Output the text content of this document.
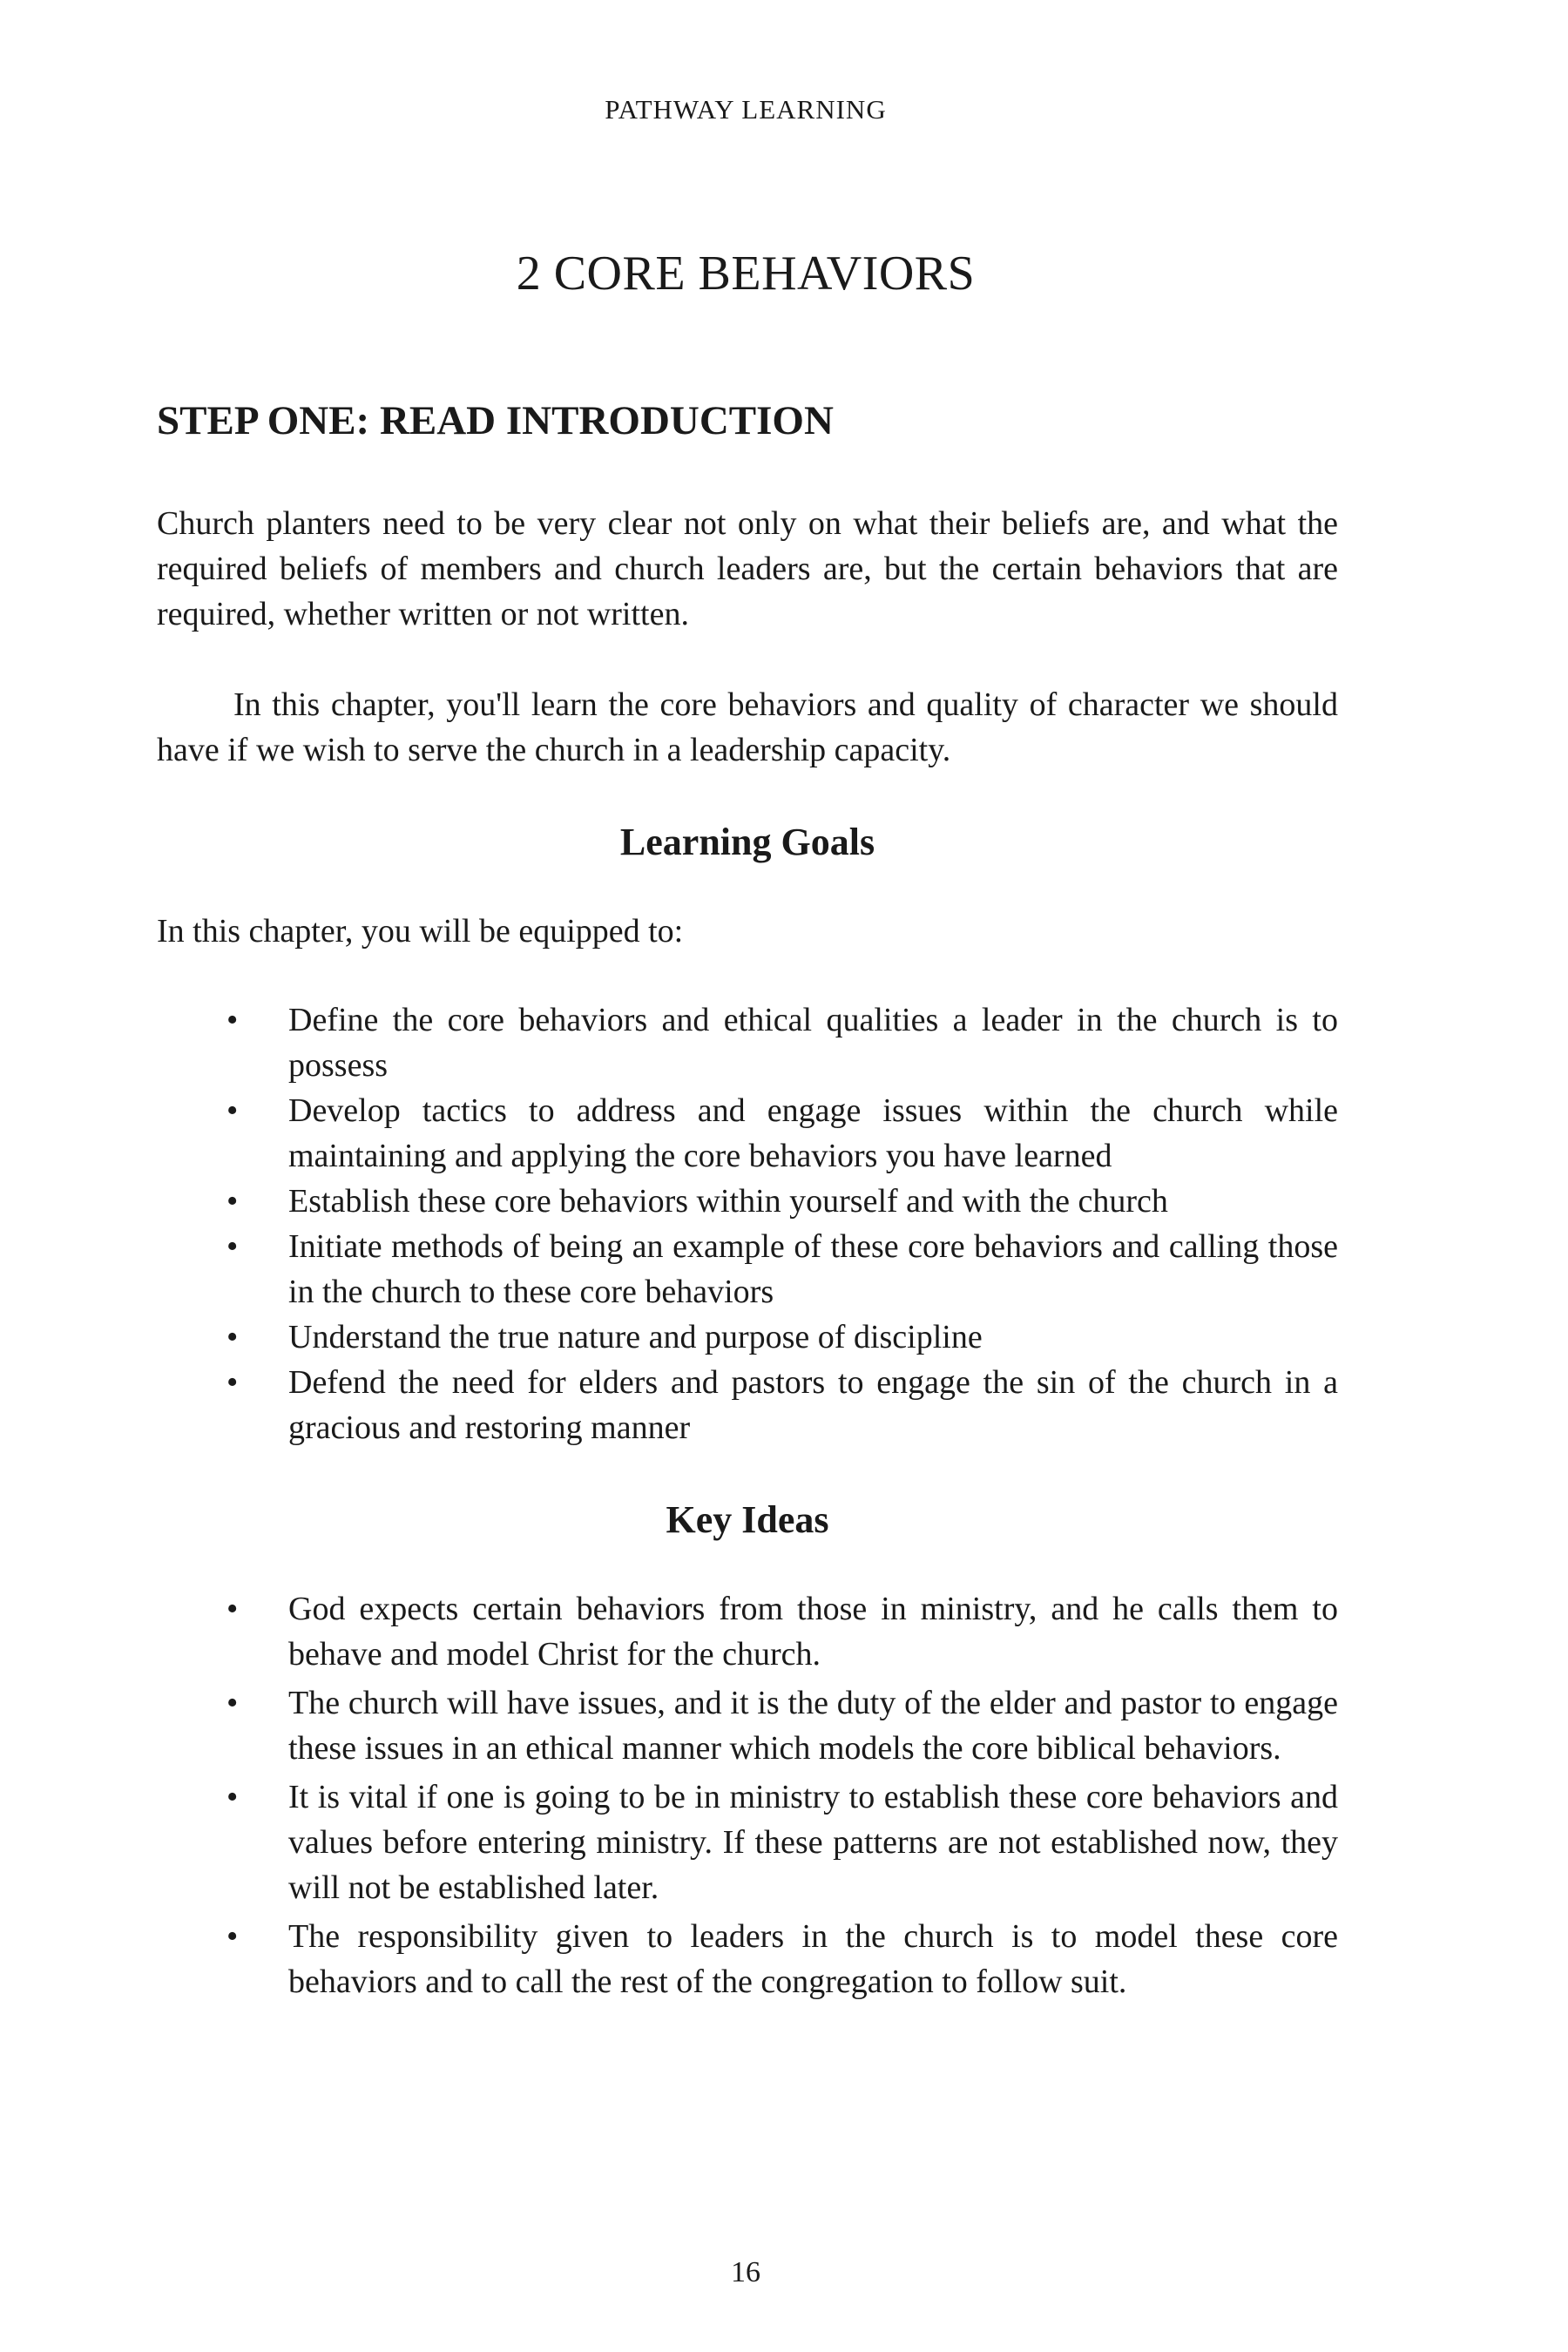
PATHWAY LEARNING
2 CORE BEHAVIORS
STEP ONE: READ INTRODUCTION

Church planters need to be very clear not only on what their beliefs are, and what the required beliefs of members and church leaders are, but the certain behaviors that are required, whether written or not written.

In this chapter, you'll learn the core behaviors and quality of character we should have if we wish to serve the church in a leadership capacity.

Learning Goals

In this chapter, you will be equipped to:

• Define the core behaviors and ethical qualities a leader in the church is to possess
• Develop tactics to address and engage issues within the church while maintaining and applying the core behaviors you have learned
• Establish these core behaviors within yourself and with the church
• Initiate methods of being an example of these core behaviors and calling those in the church to these core behaviors
• Understand the true nature and purpose of discipline
• Defend the need for elders and pastors to engage the sin of the church in a gracious and restoring manner
Key Ideas
• God expects certain behaviors from those in ministry, and he calls them to behave and model Christ for the church.
• The church will have issues, and it is the duty of the elder and pastor to engage these issues in an ethical manner which models the core biblical behaviors.
• It is vital if one is going to be in ministry to establish these core behaviors and values before entering ministry. If these patterns are not established now, they will not be established later.
• The responsibility given to leaders in the church is to model these core behaviors and to call the rest of the congregation to follow suit.
16
